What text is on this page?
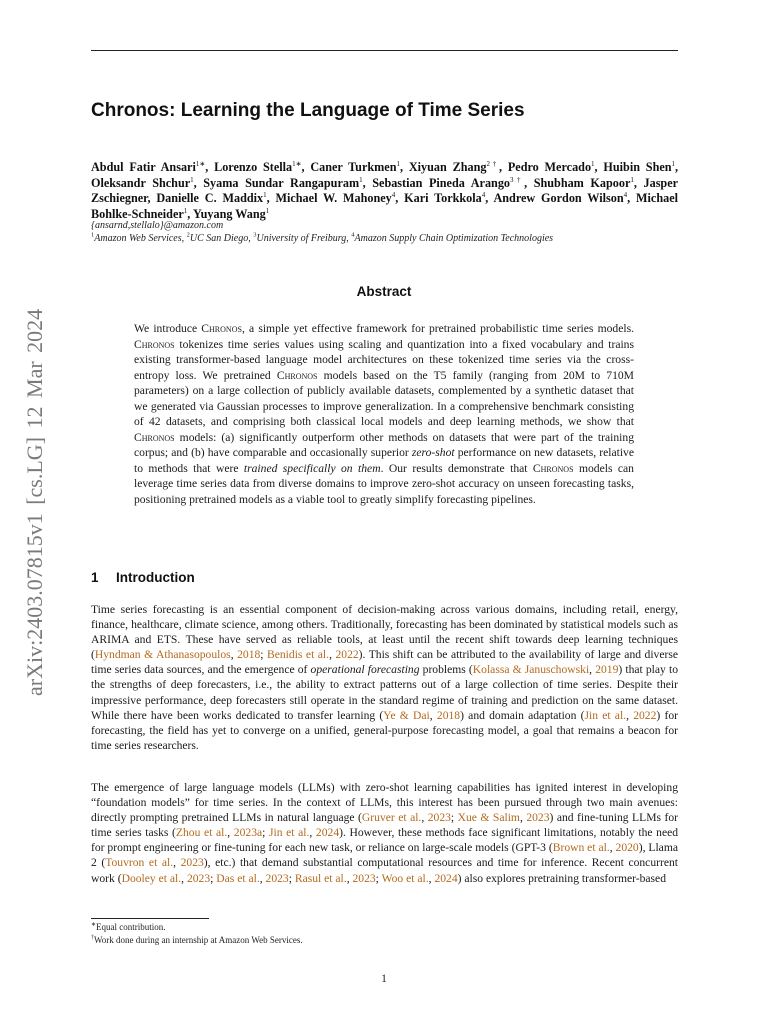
arXiv:2403.07815v1 [cs.LG] 12 Mar 2024
Chronos: Learning the Language of Time Series
Abdul Fatir Ansari$^{1∗}$, Lorenzo Stella$^{1∗}$, Caner Turkmen$^1$, Xiyuan Zhang$^{2\dagger}$, Pedro Mercado$^1$, Huibin Shen$^1$, Oleksandr Shchur$^1$, Syama Sundar Rangapuram$^1$, Sebastian Pineda Arango$^{3\dagger}$, Shubham Kapoor$^1$, Jasper Zschiegner, Danielle C. Maddix$^1$, Michael W. Mahoney$^4$, Kari Torkkola$^4$, Andrew Gordon Wilson$^4$, Michael Bohlke-Schneider$^1$, Yuyang Wang$^1$
{ansarnd,stellalo}@amazon.com
$^1$Amazon Web Services, $^2$UC San Diego, $^3$University of Freiburg, $^4$Amazon Supply Chain Optimization Technologies
Abstract
We introduce Chronos, a simple yet effective framework for pretrained probabilistic time series models. Chronos tokenizes time series values using scaling and quantization into a fixed vocabulary and trains existing transformer-based language model architectures on these tokenized time series via the cross-entropy loss. We pretrained Chronos models based on the T5 family (ranging from 20M to 710M parameters) on a large collection of publicly available datasets, complemented by a synthetic dataset that we generated via Gaussian processes to improve generalization. In a comprehensive benchmark consisting of 42 datasets, and comprising both classical local models and deep learning methods, we show that Chronos models: (a) significantly outperform other methods on datasets that were part of the training corpus; and (b) have comparable and occasionally superior zero-shot performance on new datasets, relative to methods that were trained specifically on them. Our results demonstrate that Chronos models can leverage time series data from diverse domains to improve zero-shot accuracy on unseen forecasting tasks, positioning pretrained models as a viable tool to greatly simplify forecasting pipelines.
1 Introduction
Time series forecasting is an essential component of decision-making across various domains, including retail, energy, finance, healthcare, climate science, among others. Traditionally, forecasting has been dominated by statistical models such as ARIMA and ETS. These have served as reliable tools, at least until the recent shift towards deep learning techniques (Hyndman & Athanasopoulos, 2018; Benidis et al., 2022). This shift can be attributed to the availability of large and diverse time series data sources, and the emergence of operational forecasting problems (Kolassa & Januschowski, 2019) that play to the strengths of deep forecasters, i.e., the ability to extract patterns out of a large collection of time series. Despite their impressive performance, deep forecasters still operate in the standard regime of training and prediction on the same dataset. While there have been works dedicated to transfer learning (Ye & Dai, 2018) and domain adaptation (Jin et al., 2022) for forecasting, the field has yet to converge on a unified, general-purpose forecasting model, a goal that remains a beacon for time series researchers.
The emergence of large language models (LLMs) with zero-shot learning capabilities has ignited interest in developing “foundation models” for time series. In the context of LLMs, this interest has been pursued through two main avenues: directly prompting pretrained LLMs in natural language (Gruver et al., 2023; Xue & Salim, 2023) and fine-tuning LLMs for time series tasks (Zhou et al., 2023a; Jin et al., 2024). However, these methods face significant limitations, notably the need for prompt engineering or fine-tuning for each new task, or reliance on large-scale models (GPT-3 (Brown et al., 2020), Llama 2 (Touvron et al., 2023), etc.) that demand substantial computational resources and time for inference. Recent concurrent work (Dooley et al., 2023; Das et al., 2023; Rasul et al., 2023; Woo et al., 2024) also explores pretraining transformer-based
∗Equal contribution.
†Work done during an internship at Amazon Web Services.
1
